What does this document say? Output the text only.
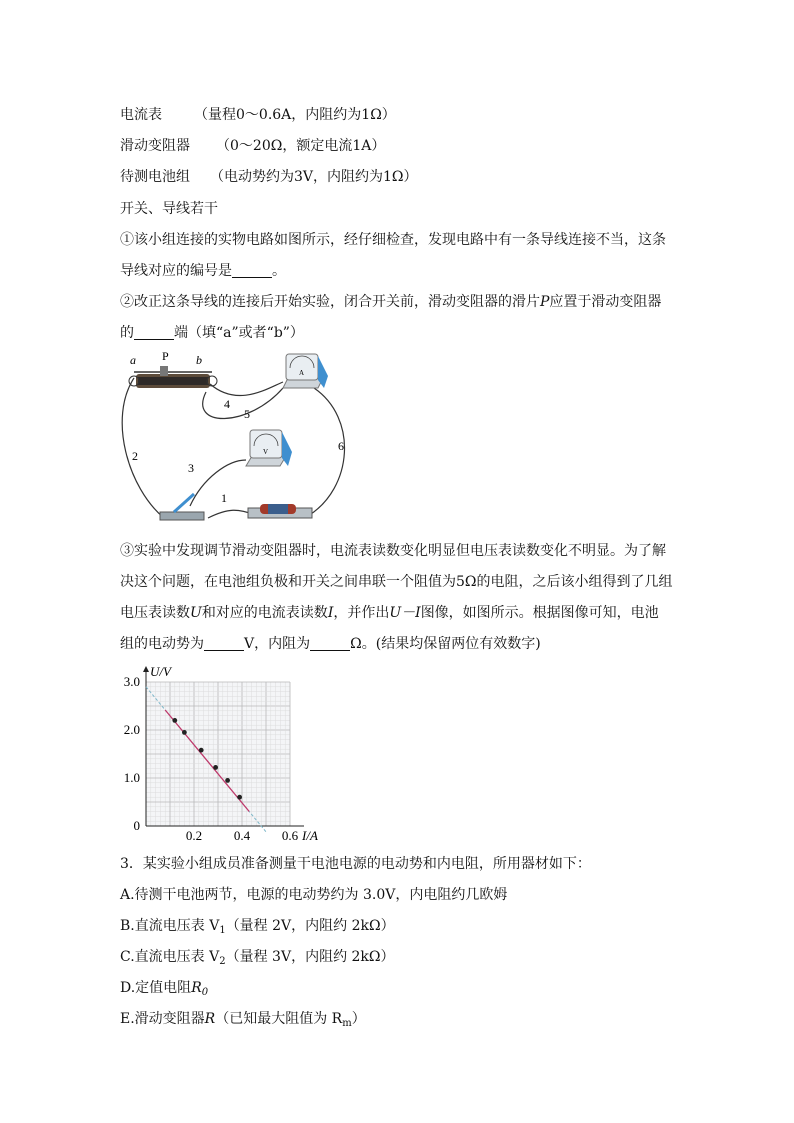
电流表 （量程0～0.6A，内阻约为1Ω）
滑动变阻器 （0～20Ω，额定电流1A）
待测电池组 （电动势约为3V，内阻约为1Ω）
开关、导线若干
①该小组连接的实物电路如图所示，经仔细检查，发现电路中有一条导线连接不当，这条
导线对应的编号是	。
②改正这条导线的连接后开始实验，闭合开关前，滑动变阻器的滑片P应置于滑动变阻器
的	端（填“a”或者“b”）
a P b
A
V
1
2
3
4
5
6
③实验中发现调节滑动变阻器时，电流表读数变化明显但电压表读数变化不明显。为了解
决这个问题，在电池组负极和开关之间串联一个阻值为5Ω的电阻，之后该小组得到了几组
电压表读数U和对应的电流表读数I，并作出U－I图像，如图所示。根据图像可知，电池
组的电动势为	V，内阻为	Ω。(结果均保留两位有效数字)
0.2 0.4 0.6
0
1.0
2.0
3.0
I/A
U/V
3．某实验小组成员准备测量干电池电源的电动势和内电阻，所用器材如下：
A.待测干电池两节，电源的电动势约为 3.0V，内电阻约几欧姆
B.直流电压表 V1（量程 2V，内阻约 2kΩ）
C.直流电压表 V2（量程 3V，内阻约 2kΩ）
D.定值电阻R0
E.滑动变阻器R（已知最大阻值为 Rm）
